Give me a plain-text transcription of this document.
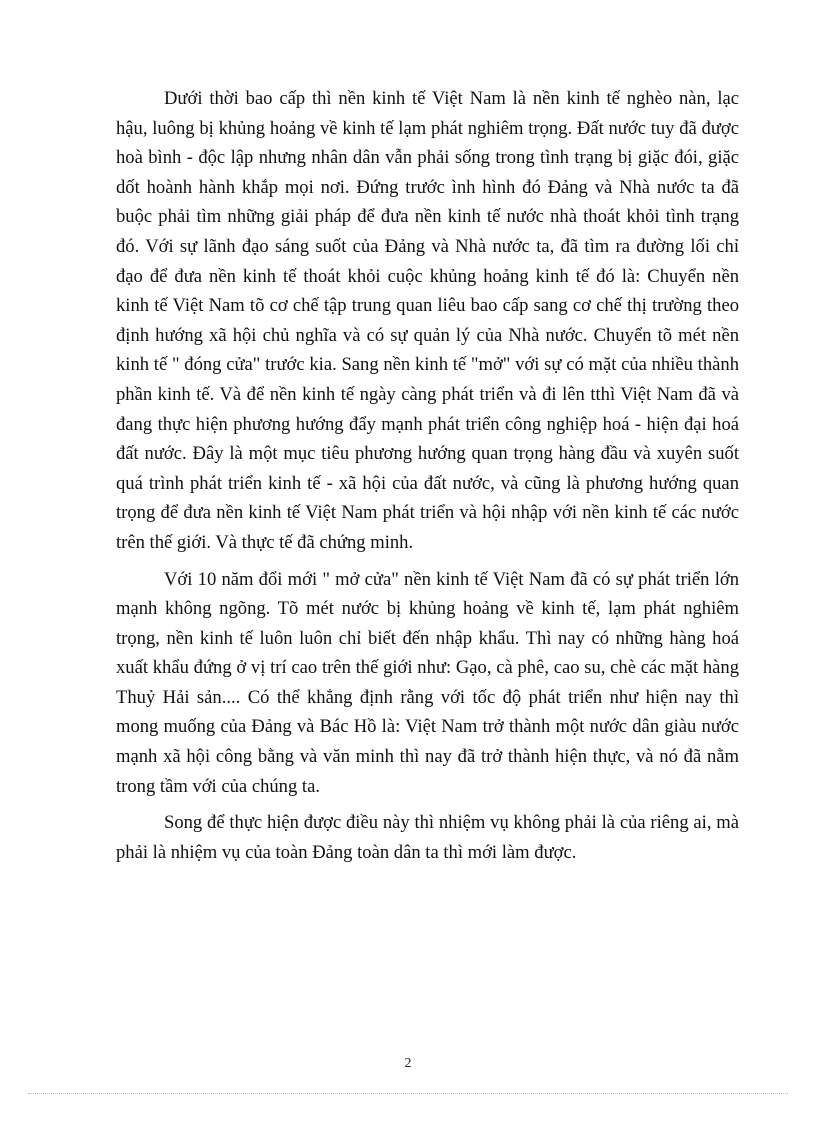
Dưới thời bao cấp thì nền kinh tế Việt Nam là nền kinh tế nghèo nàn, lạc hậu, luông bị khủng hoảng về kinh tế lạm phát nghiêm trọng. Đất nước tuy đã được hoà bình - độc lập nhưng nhân dân vẫn phải sống trong tình trạng bị giặc đói, giặc dốt hoành hành khắp mọi nơi. Đứng trước ình hình đó Đảng và Nhà nước ta đã buộc phải tìm những giải pháp để đưa nền kinh tế nước nhà thoát khỏi tình trạng đó. Với sự lãnh đạo sáng suốt của Đảng và Nhà nước ta, đã tìm ra đường lối chỉ đạo để đưa nền kinh tế thoát khỏi cuộc khủng hoảng kinh tế đó là: Chuyển nền kinh tế Việt Nam tõ cơ chế tập trung quan liêu bao cấp sang cơ chế thị trường theo định hướng xã hội chủ nghĩa và có sự quản lý của Nhà nước. Chuyển tõ mét nền kinh tế " đóng cửa" trước kia. Sang nền kinh tế "mở" với sự có mặt của nhiều thành phần kinh tế. Và để nền kinh tế ngày càng phát triển và đi lên tthì Việt Nam đã và đang thực hiện phương hướng đẩy mạnh phát triển công nghiệp hoá - hiện đại hoá đất nước. Đây là một mục tiêu phương hướng quan trọng hàng đầu và xuyên suốt quá trình phát triển kinh tế - xã hội của đất nước, và cũng là phương hướng quan trọng để đưa nền kinh tế Việt Nam phát triển và hội nhập với nền kinh tế các nước trên thế giới. Và thực tế đã chứng minh.

Với 10 năm đổi mới " mở cửa" nền kinh tế Việt Nam đã có sự phát triển lớn mạnh không ngõng. Tõ mét nước bị khủng hoảng về kinh tế, lạm phát nghiêm trọng, nền kinh tế luôn luôn chỉ biết đến nhập khẩu. Thì nay có những hàng hoá xuất khẩu đứng ở vị trí cao trên thế giới như: Gạo, cà phê, cao su, chè các mặt hàng Thuỷ Hải sản.... Có thể khẳng định rằng với tốc độ phát triển như hiện nay thì mong muống của Đảng và Bác Hồ là: Việt Nam trở thành một nước dân giàu nước mạnh xã hội công bằng và văn minh thì nay đã trở thành hiện thực, và nó đã nằm trong tầm với của chúng ta.

Song để thực hiện được điều này thì nhiệm vụ không phải là của riêng ai, mà phải là nhiệm vụ của toàn Đảng toàn dân ta thì mới làm được.

2
